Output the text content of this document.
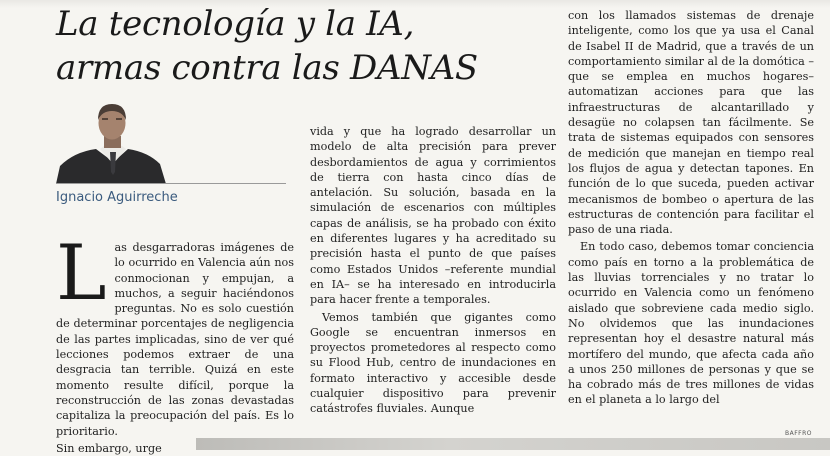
La tecnología y la IA,
armas contra las DANAS
Ignacio Aguirreche

Las desgarradoras imágenes de lo ocurrido en Valencia aún nos conmocionan y empujan, a muchos, a seguir haciéndonos preguntas. No es solo cuestión de determinar porcentajes de negligencia de las partes implicadas, sino de ver qué lecciones podemos extraer de una desgracia tan terrible. Quizá en este momento resulte difícil, porque la reconstrucción de las zonas devastadas capitaliza la preocupación del país. Es lo prioritario.

Sin embargo, urge

vida y que ha logrado desarrollar un modelo de alta precisión para prever desbordamientos de agua y corrimientos de tierra con hasta cinco días de antelación. Su solución, basada en la simulación de escenarios con múltiples capas de análisis, se ha probado con éxito en diferentes lugares y ha acreditado su precisión hasta el punto de que países como Estados Unidos –referente mundial en IA– se ha interesado en introducirla para hacer frente a temporales.

Vemos también que gigantes como Google se encuentran inmersos en proyectos prometedores al respecto como su Flood Hub, centro de inundaciones en formato interactivo y accesible desde cualquier dispositivo para prevenir catástrofes fluviales. Aunque

con los llamados sistemas de drenaje inteligente, como los que ya usa el Canal de Isabel II de Madrid, que a través de un comportamiento similar al de la domótica –que se emplea en muchos hogares– automatizan acciones para que las infraestructuras de alcantarillado y desagüe no colapsen tan fácilmente. Se trata de sistemas equipados con sensores de medición que manejan en tiempo real los flujos de agua y detectan tapones. En función de lo que suceda, pueden activar mecanismos de bombeo o apertura de las estructuras de contención para facilitar el paso de una riada.

En todo caso, debemos tomar conciencia como país en torno a la problemática de las lluvias torrenciales y no tratar lo ocurrido en Valencia como un fenómeno aislado que sobreviene cada medio siglo. No olvidemos que las inundaciones representan hoy el desastre natural más mortífero del mundo, que afecta cada año a unos 250 millones de personas y que se ha cobrado más de tres millones de vidas en el planeta a lo largo del

BAFFRO
